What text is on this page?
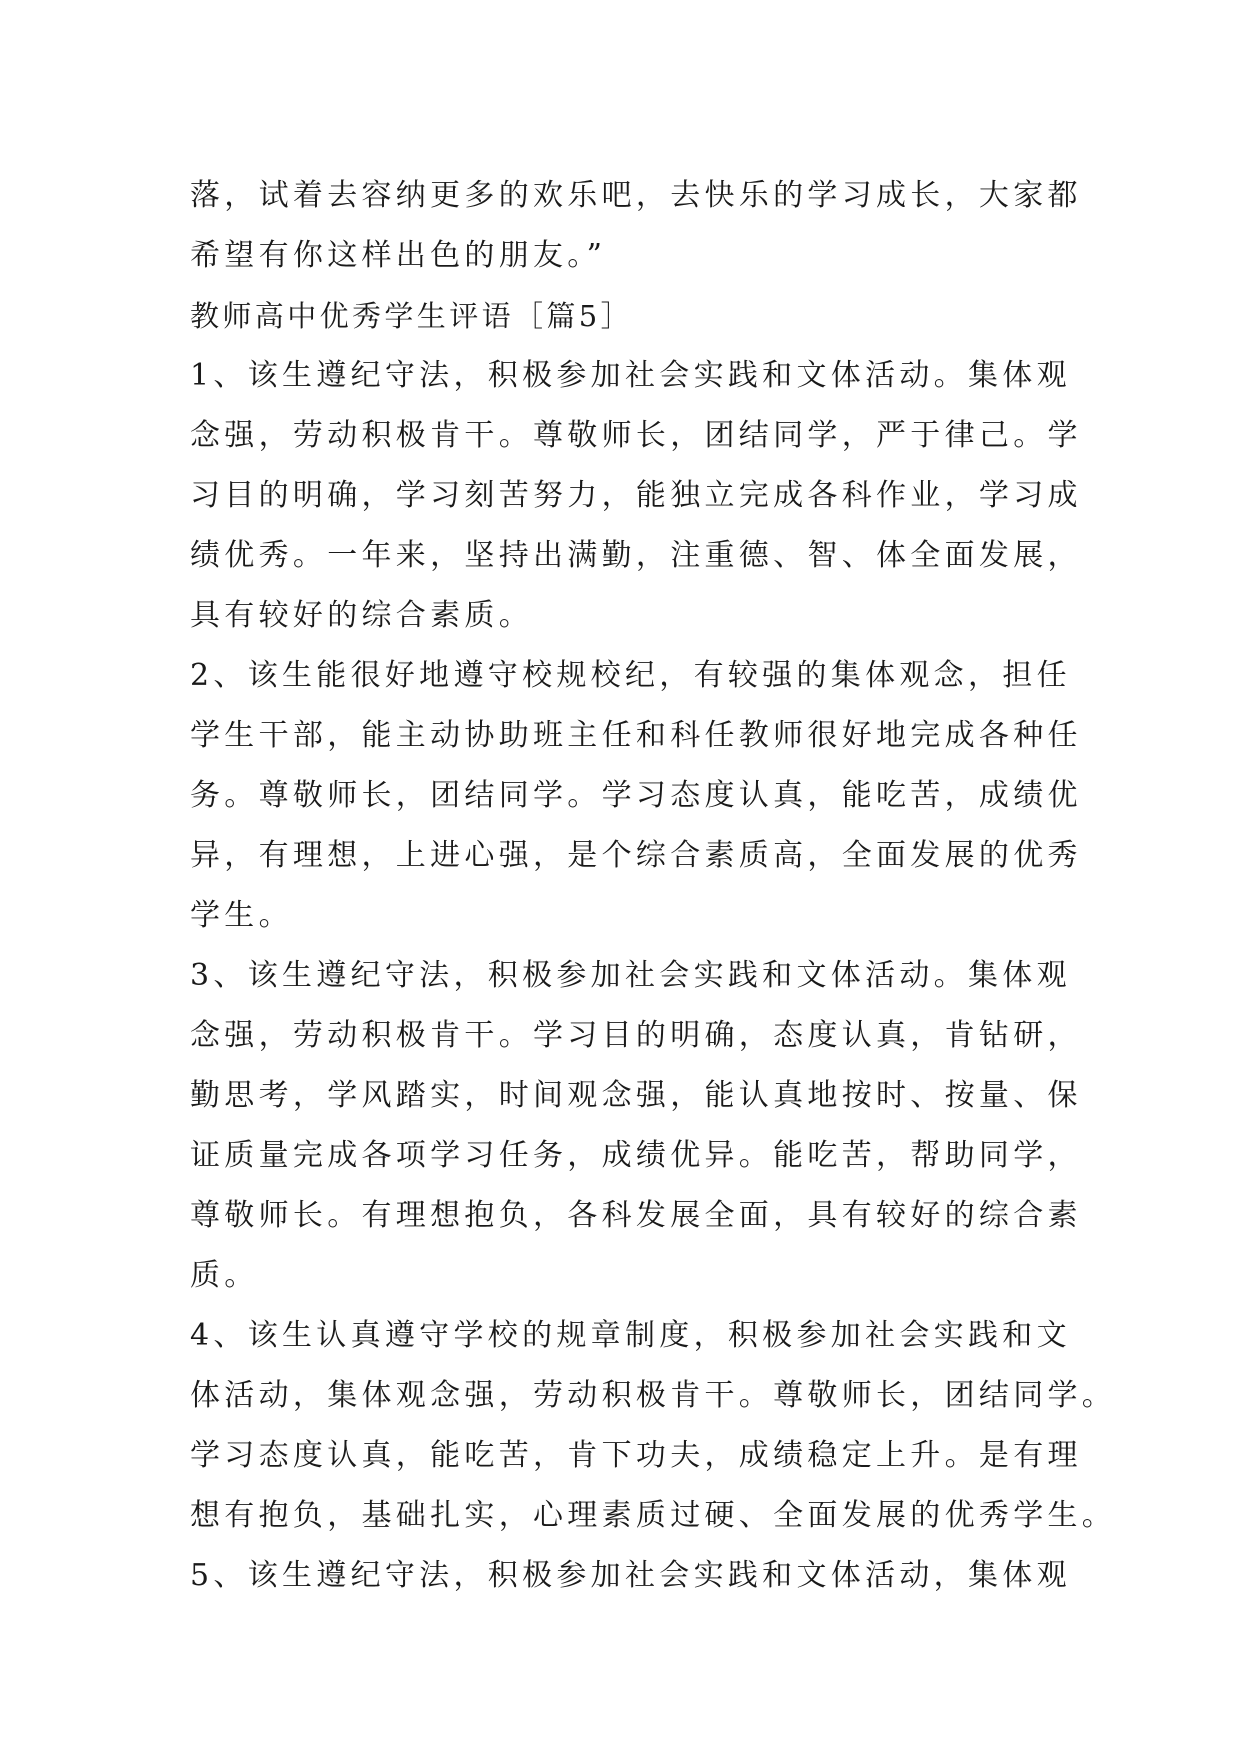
落，试着去容纳更多的欢乐吧，去快乐的学习成长，大家都
希望有你这样出色的朋友。”
教师高中优秀学生评语［篇5］
1、该生遵纪守法，积极参加社会实践和文体活动。集体观
念强，劳动积极肯干。尊敬师长，团结同学，严于律己。学
习目的明确，学习刻苦努力，能独立完成各科作业，学习成
绩优秀。一年来，坚持出满勤，注重德、智、体全面发展，
具有较好的综合素质。
2、该生能很好地遵守校规校纪，有较强的集体观念，担任
学生干部，能主动协助班主任和科任教师很好地完成各种任
务。尊敬师长，团结同学。学习态度认真，能吃苦，成绩优
异，有理想，上进心强，是个综合素质高，全面发展的优秀
学生。
3、该生遵纪守法，积极参加社会实践和文体活动。集体观
念强，劳动积极肯干。学习目的明确，态度认真，肯钻研，
勤思考，学风踏实，时间观念强，能认真地按时、按量、保
证质量完成各项学习任务，成绩优异。能吃苦，帮助同学，
尊敬师长。有理想抱负，各科发展全面，具有较好的综合素
质。
4、该生认真遵守学校的规章制度，积极参加社会实践和文
体活动，集体观念强，劳动积极肯干。尊敬师长，团结同学。
学习态度认真，能吃苦，肯下功夫，成绩稳定上升。是有理
想有抱负，基础扎实，心理素质过硬、全面发展的优秀学生。
5、该生遵纪守法，积极参加社会实践和文体活动，集体观
